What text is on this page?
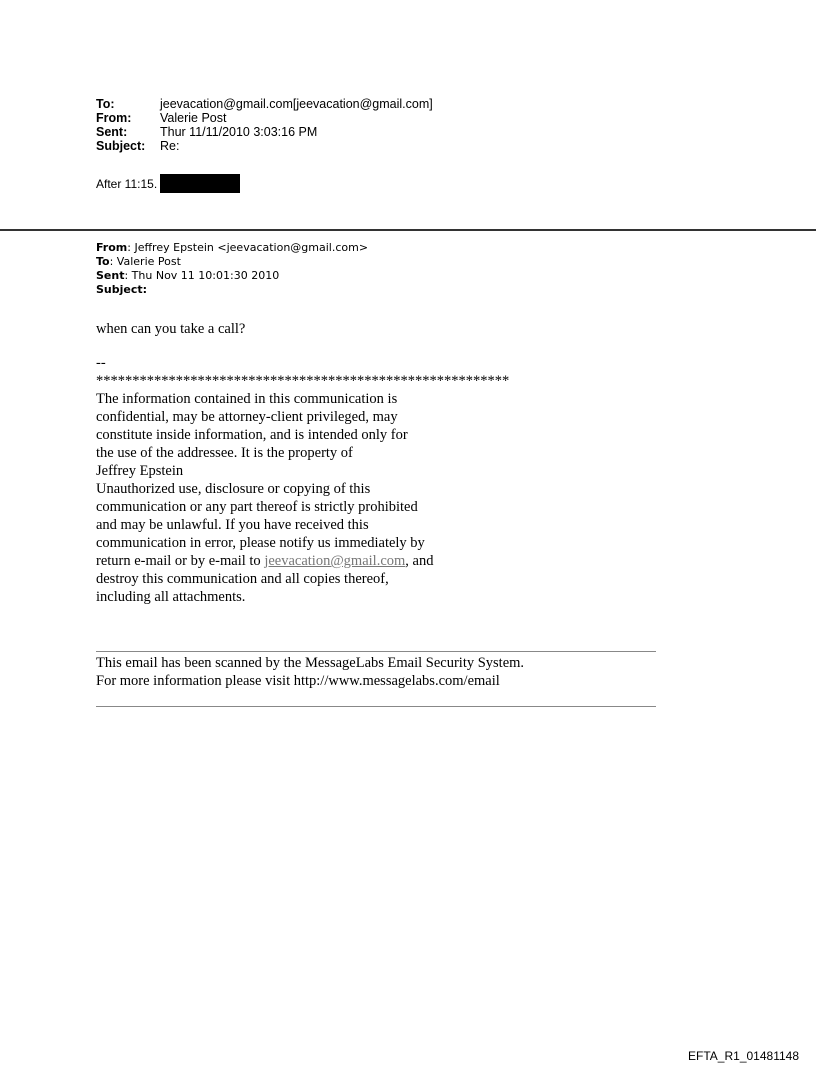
To:	jeevacation@gmail.com[jeevacation@gmail.com]
From:	Valerie Post
Sent:	Thur 11/11/2010 3:03:16 PM
Subject:	Re:
After 11:15.
From: Jeffrey Epstein <jeevacation@gmail.com>
To: Valerie Post
Sent: Thu Nov 11 10:01:30 2010
Subject:

when can you take a call?

--

*********************************************************

The information contained in this communication is

confidential, may be attorney-client privileged, may

constitute inside information, and is intended only for

the use of the addressee. It is the property of

Jeffrey Epstein

Unauthorized use, disclosure or copying of this

communication or any part thereof is strictly prohibited

and may be unlawful. If you have received this

communication in error, please notify us immediately by

return e-mail or by e-mail to jeevacation@gmail.com, and

destroy this communication and all copies thereof,

including all attachments.

This email has been scanned by the MessageLabs Email Security System.
For more information please visit http://www.messagelabs.com/email
EFTA_R1_01481148
